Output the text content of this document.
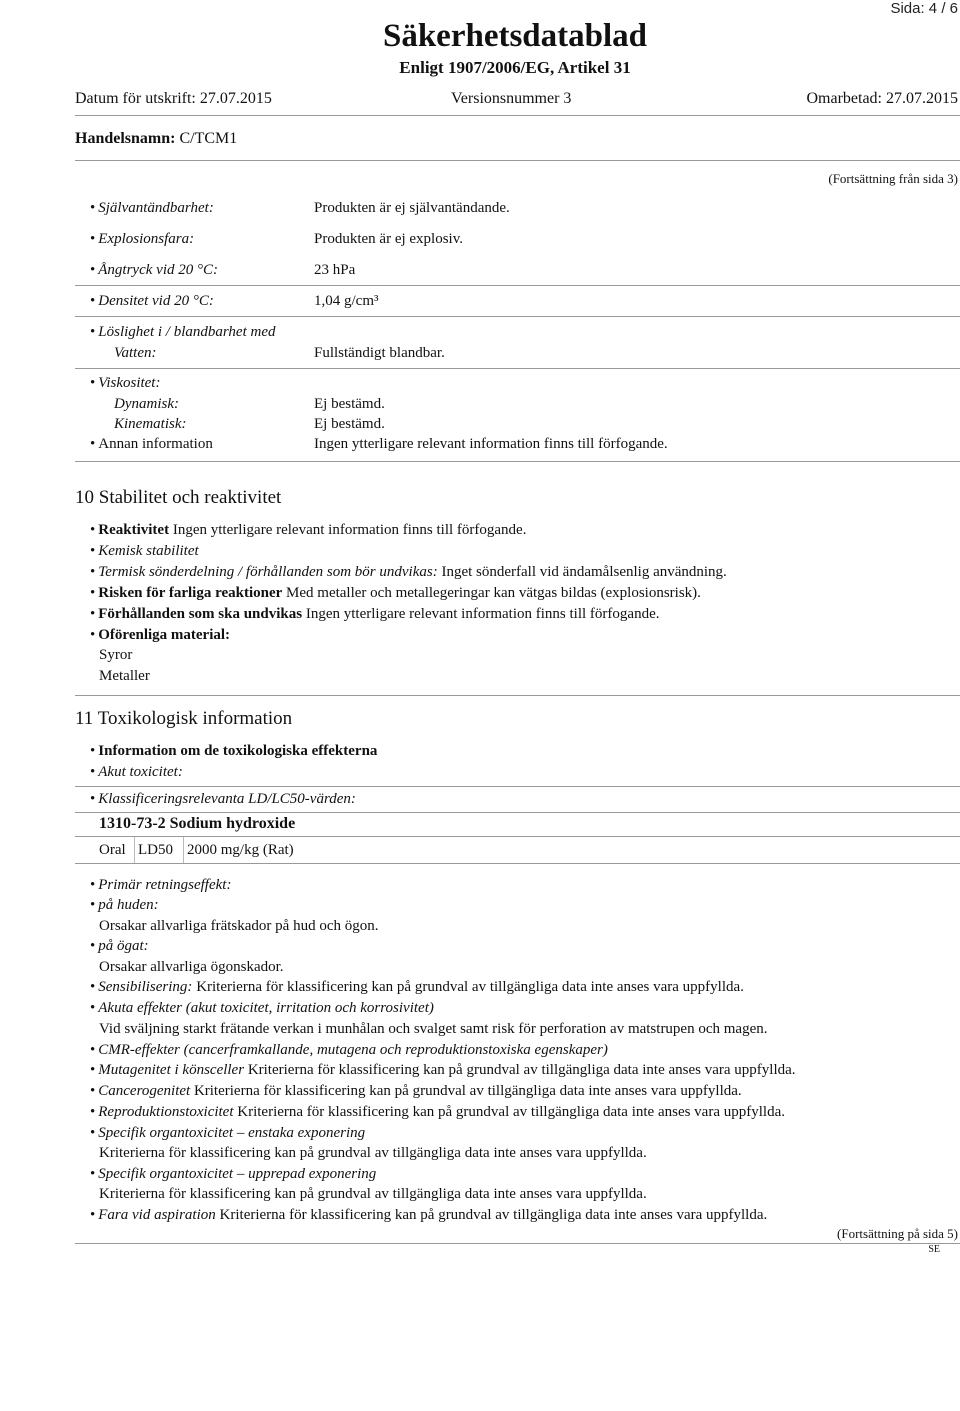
Sida: 4 / 6
Säkerhetsdatablad
Enligt 1907/2006/EG, Artikel 31
Datum för utskrift: 27.07.2015	Versionsnummer 3	Omarbetad: 27.07.2015
Handelsnamn: C/TCM1
(Fortsättning från sida 3)
• Självantändbarhet:	Produkten är ej självantändande.
• Explosionsfara:	Produkten är ej explosiv.
• Ångtryck vid 20 °C:	23 hPa
• Densitet vid 20 °C:	1,04 g/cm³
• Löslighet i / blandbarhet med
Vatten:	Fullständigt blandbar.
• Viskositet:
Dynamisk:	Ej bestämd.
Kinematisk:	Ej bestämd.
• Annan information	Ingen ytterligare relevant information finns till förfogande.
10 Stabilitet och reaktivitet
• Reaktivitet Ingen ytterligare relevant information finns till förfogande.
• Kemisk stabilitet
• Termisk sönderdelning / förhållanden som bör undvikas: Inget sönderfall vid ändamålsenlig användning.
• Risken för farliga reaktioner Med metaller och metallegeringar kan vätgas bildas (explosionsrisk).
• Förhållanden som ska undvikas Ingen ytterligare relevant information finns till förfogande.
• Oförenliga material:
Syror
Metaller
11 Toxikologisk information
• Information om de toxikologiska effekterna
• Akut toxicitet:
• Klassificeringsrelevanta LD/LC50-värden:
1310-73-2 Sodium hydroxide
Oral LD50 2000 mg/kg (Rat)
• Primär retningseffekt:
• på huden:
Orsakar allvarliga frätskador på hud och ögon.
• på ögat:
Orsakar allvarliga ögonskador.
• Sensibilisering: Kriterierna för klassificering kan på grundval av tillgängliga data inte anses vara uppfyllda.
• Akuta effekter (akut toxicitet, irritation och korrosivitet)
Vid sväljning starkt frätande verkan i munhålan och svalget samt risk för perforation av matstrupen och magen.
• CMR-effekter (cancerframkallande, mutagena och reproduktionstoxiska egenskaper)
• Mutagenitet i könsceller Kriterierna för klassificering kan på grundval av tillgängliga data inte anses vara uppfyllda.
• Cancerogenitet Kriterierna för klassificering kan på grundval av tillgängliga data inte anses vara uppfyllda.
• Reproduktionstoxicitet Kriterierna för klassificering kan på grundval av tillgängliga data inte anses vara uppfyllda.
• Specifik organtoxicitet – enstaka exponering
Kriterierna för klassificering kan på grundval av tillgängliga data inte anses vara uppfyllda.
• Specifik organtoxicitet – upprepad exponering
Kriterierna för klassificering kan på grundval av tillgängliga data inte anses vara uppfyllda.
• Fara vid aspiration Kriterierna för klassificering kan på grundval av tillgängliga data inte anses vara uppfyllda.
(Fortsättning på sida 5)
SE
